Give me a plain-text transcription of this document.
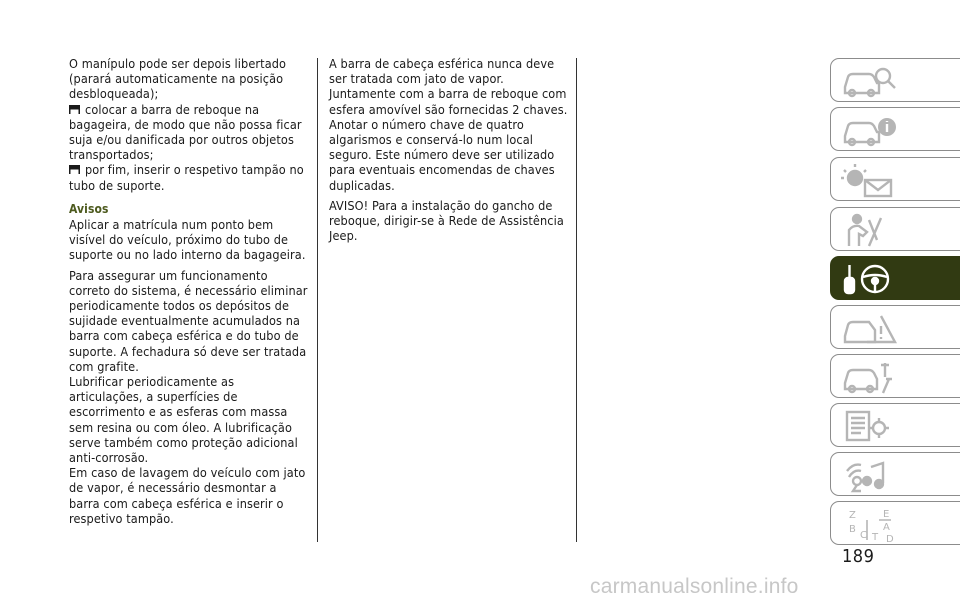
O manípulo pode ser depois libertado (parará automaticamente na posição desbloqueada);

colocar a barra de reboque na bagageira, de modo que não possa ficar suja e/ou danificada por outros objetos transportados;

por fim, inserir o respetivo tampão no tubo de suporte.

Avisos

Aplicar a matrícula num ponto bem visível do veículo, próximo do tubo de suporte ou no lado interno da bagageira.

Para assegurar um funcionamento correto do sistema, é necessário eliminar periodicamente todos os depósitos de sujidade eventualmente acumulados na barra com cabeça esférica e do tubo de suporte. A fechadura só deve ser tratada com grafite.

Lubrificar periodicamente as articulações, a superfícies de escorrimento e as esferas com massa sem resina ou com óleo. A lubrificação serve também como proteção adicional anti-corrosão.

Em caso de lavagem do veículo com jato de vapor, é necessário desmontar a barra com cabeça esférica e inserir o respetivo tampão.

A barra de cabeça esférica nunca deve ser tratada com jato de vapor.

Juntamente com a barra de reboque com esfera amovível são fornecidas 2 chaves. Anotar o número chave de quatro algarismos e conservá-lo num local seguro. Este número deve ser utilizado para eventuais encomendas de chaves duplicadas.

AVISO! Para a instalação do gancho de reboque, dirigir-se à Rede de Assistência Jeep.

Z	E
B	A
C T D
189
carmanualsonline.info
